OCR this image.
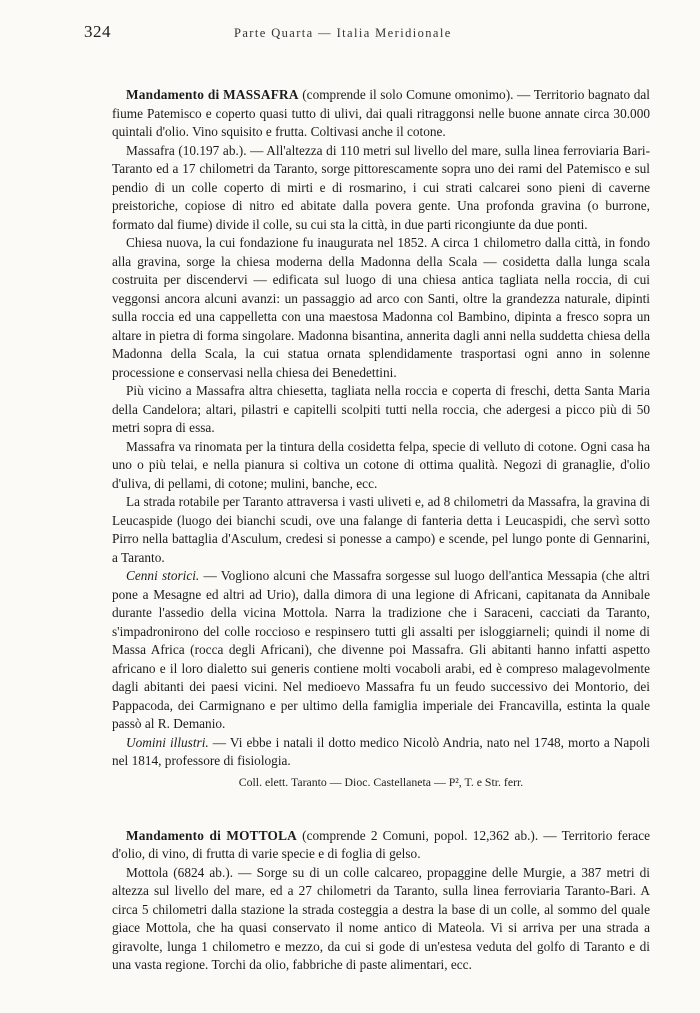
324	Parte Quarta — Italia Meridionale

Mandamento di MASSAFRA (comprende il solo Comune omonimo). — Territorio bagnato dal fiume Patemisco e coperto quasi tutto di ulivi, dai quali ritraggonsi nelle buone annate circa 30.000 quintali d'olio. Vino squisito e frutta. Coltivasi anche il cotone.

Massafra (10.197 ab.). — All'altezza di 110 metri sul livello del mare, sulla linea ferroviaria Bari-Taranto ed a 17 chilometri da Taranto, sorge pittorescamente sopra uno dei rami del Patemisco e sul pendio di un colle coperto di mirti e di rosmarino, i cui strati calcarei sono pieni di caverne preistoriche, copiose di nitro ed abitate dalla povera gente. Una profonda gravina (o burrone, formato dal fiume) divide il colle, su cui sta la città, in due parti ricongiunte da due ponti.

Chiesa nuova, la cui fondazione fu inaugurata nel 1852. A circa 1 chilometro dalla città, in fondo alla gravina, sorge la chiesa moderna della Madonna della Scala — cosidetta dalla lunga scala costruita per discendervi — edificata sul luogo di una chiesa antica tagliata nella roccia, di cui veggonsi ancora alcuni avanzi: un passaggio ad arco con Santi, oltre la grandezza naturale, dipinti sulla roccia ed una cappelletta con una maestosa Madonna col Bambino, dipinta a fresco sopra un altare in pietra di forma singolare. Madonna bisantina, annerita dagli anni nella suddetta chiesa della Madonna della Scala, la cui statua ornata splendidamente trasportasi ogni anno in solenne processione e conservasi nella chiesa dei Benedettini.

Più vicino a Massafra altra chiesetta, tagliata nella roccia e coperta di freschi, detta Santa Maria della Candelora; altari, pilastri e capitelli scolpiti tutti nella roccia, che adergesi a picco più di 50 metri sopra di essa.

Massafra va rinomata per la tintura della cosidetta felpa, specie di velluto di cotone. Ogni casa ha uno o più telai, e nella pianura si coltiva un cotone di ottima qualità. Negozi di granaglie, d'olio d'uliva, di pellami, di cotone; mulini, banche, ecc.

La strada rotabile per Taranto attraversa i vasti uliveti e, ad 8 chilometri da Massafra, la gravina di Leucaspide (luogo dei bianchi scudi, ove una falange di fanteria detta i Leucaspidi, che servì sotto Pirro nella battaglia d'Asculum, credesi si ponesse a campo) e scende, pel lungo ponte di Gennarini, a Taranto.

Cenni storici. — Vogliono alcuni che Massafra sorgesse sul luogo dell'antica Messapia (che altri pone a Mesagne ed altri ad Urio), dalla dimora di una legione di Africani, capitanata da Annibale durante l'assedio della vicina Mottola. Narra la tradizione che i Saraceni, cacciati da Taranto, s'impadronirono del colle roccioso e respinsero tutti gli assalti per isloggiarneli; quindi il nome di Massa Africa (rocca degli Africani), che divenne poi Massafra. Gli abitanti hanno infatti aspetto africano e il loro dialetto sui generis contiene molti vocaboli arabi, ed è compreso malagevolmente dagli abitanti dei paesi vicini. Nel medioevo Massafra fu un feudo successivo dei Montorio, dei Pappacoda, dei Carmignano e per ultimo della famiglia imperiale dei Francavilla, estinta la quale passò al R. Demanio.

Uomini illustri. — Vi ebbe i natali il dotto medico Nicolò Andria, nato nel 1748, morto a Napoli nel 1814, professore di fisiologia.

Coll. elett. Taranto — Dioc. Castellaneta — P², T. e Str. ferr.

Mandamento di MOTTOLA (comprende 2 Comuni, popol. 12,362 ab.). — Territorio ferace d'olio, di vino, di frutta di varie specie e di foglia di gelso.

Mottola (6824 ab.). — Sorge su di un colle calcareo, propaggine delle Murgie, a 387 metri di altezza sul livello del mare, ed a 27 chilometri da Taranto, sulla linea ferroviaria Taranto-Bari. A circa 5 chilometri dalla stazione la strada costeggia a destra la base di un colle, al sommo del quale giace Mottola, che ha quasi conservato il nome antico di Mateola. Vi si arriva per una strada a giravolte, lunga 1 chilometro e mezzo, da cui si gode di un'estesa veduta del golfo di Taranto e di una vasta regione. Torchi da olio, fabbriche di paste alimentari, ecc.
